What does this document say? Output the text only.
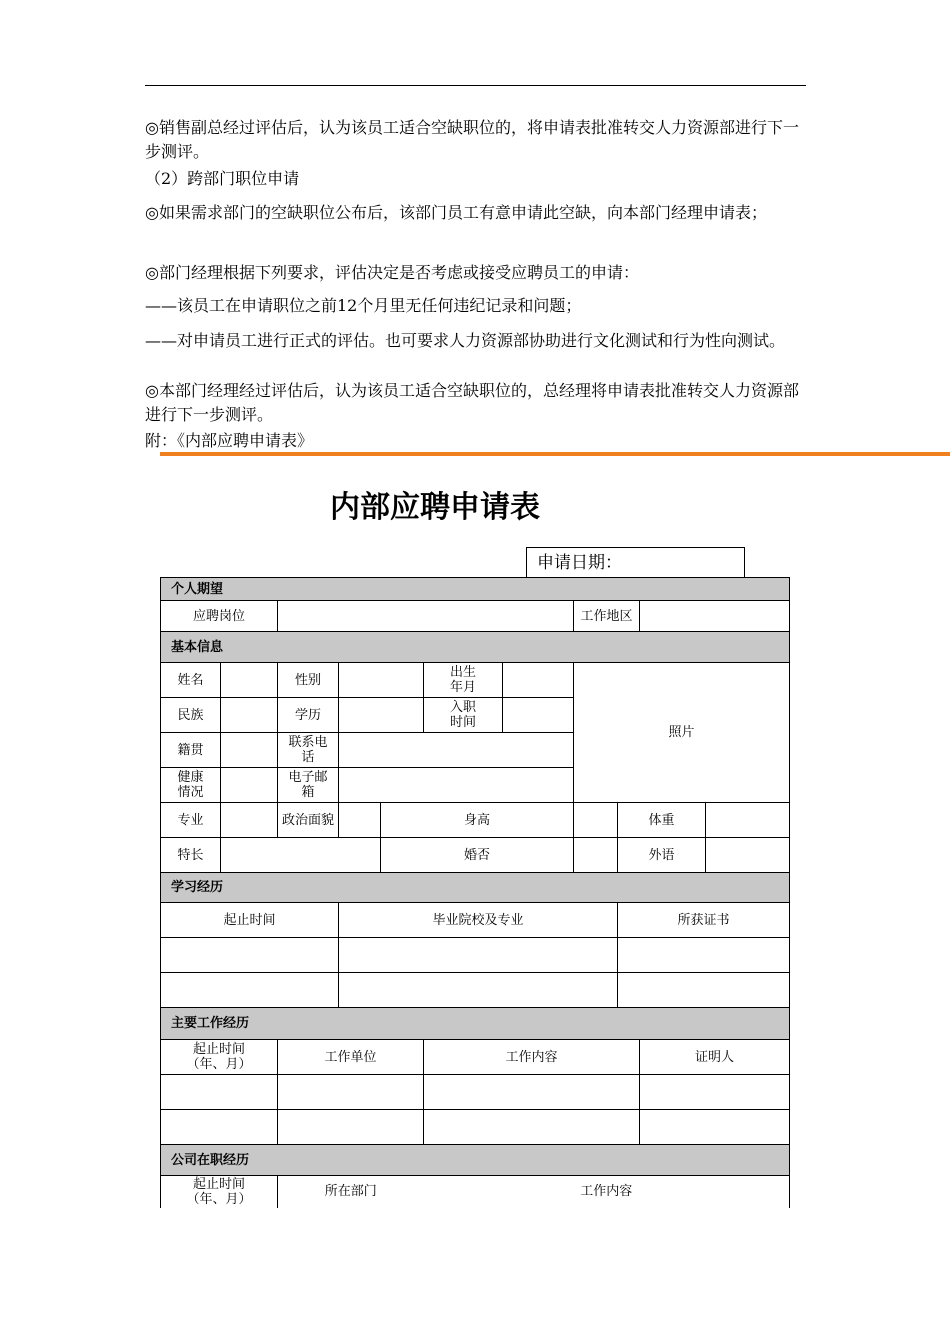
◎销售副总经过评估后，认为该员工适合空缺职位的，将申请表批准转交人力资源部进行下一步测评。
（2）跨部门职位申请
◎如果需求部门的空缺职位公布后，该部门员工有意申请此空缺，向本部门经理申请表；
◎部门经理根据下列要求，评估决定是否考虑或接受应聘员工的申请：
——该员工在申请职位之前12个月里无任何违纪记录和问题；
——对申请员工进行正式的评估。也可要求人力资源部协助进行文化测试和行为性向测试。
◎本部门经理经过评估后，认为该员工适合空缺职位的，总经理将申请表批准转交人力资源部进行下一步测评。
附：《内部应聘申请表》
内部应聘申请表
申请日期：
个人期望										
应聘岗位							工作地区			
基本信息										
姓名		性别			出生年月		照片			
民族		学历			入职时间					
籍贯		联系电话								
健康情况		电子邮箱								
专业		政治面貌		身高				体重		
特长				婚否				外语		
学习经历										
起止时间			毕业院校及专业					所获证书		

主要工作经历										
起止时间（年、月）		工作单位			工作内容				证明人	

公司在职经历										
起止时间（年、月）		所在部门			工作内容					
